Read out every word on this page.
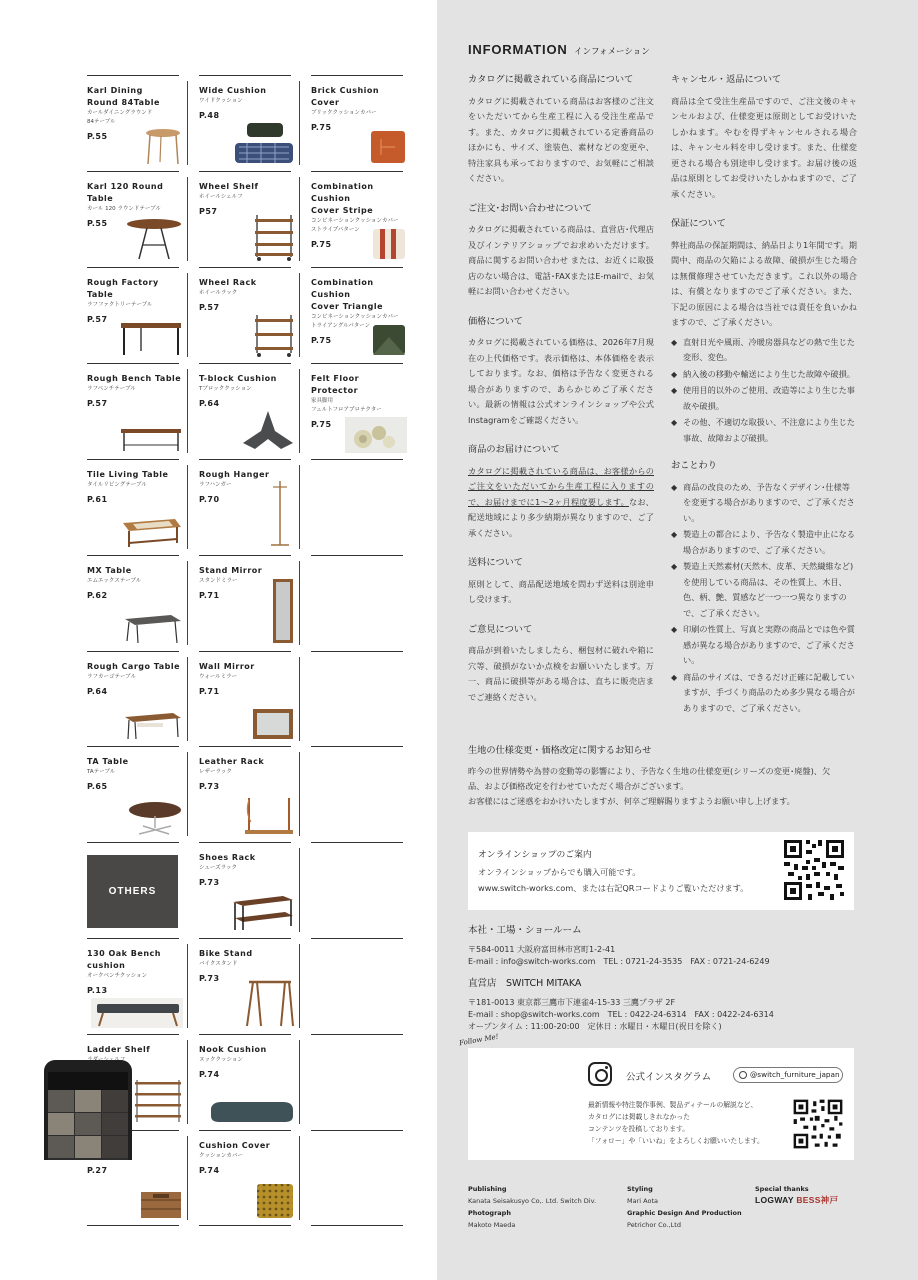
Karl Dining
Round 84Table
カールダイニングラウンド
84テーブル
P.55
Wide Cushion
ワイドクッション
P.48
Brick Cushion Cover
ブリッククッションカバー
P.75
Karl 120 Round Table
カール 120 ラウンドテーブル
P.55
Wheel Shelf
ホイールシェルフ
P57
Combination Cushion
Cover Stripe
コンビネーションクッションカバー
ストライプパターン
P.75
Rough Factory Table
ラフファクトリーテーブル
P.57
Wheel Rack
ホイールラック
P.57
Combination Cushion
Cover Triangle
コンビネーションクッションカバー
トライアングルパターン
P.75
Rough Bench Table
ラフベンチテーブル
P.57
T-block Cushion
Tブロッククッション
P.64
Felt Floor Protector
家具脚用
フェルトフロアプロテクター
P.75
Tile Living Table
タイルリビングテーブル
P.61
Rough Hanger
ラフハンガー
P.70
MX Table
エムエックステーブル
P.62
Stand Mirror
スタンドミラー
P.71
Rough Cargo Table
ラフカーゴテーブル
P.64
Wall Mirror
ウォールミラー
P.71
TA Table
TAテーブル
P.65
Leather Rack
レザーラック
P.73
OTHERS
Shoes Rack
シューズラック
P.73
130 Oak Bench cushion
オークベンチクッション
P.13
Bike Stand
バイクスタンド
P.73
Ladder Shelf	Nook Cushion
ヌッククッション
P.74
P.27
Cushion Cover
クッションカバー
P.74
INFORMATION インフォメーション
カタログに掲載されている商品について

カタログに掲載されている商品はお客様のご注文をいただいてから生産工程に入る受注生産品です。また、カタログに掲載されている定番商品のほかにも、サイズ、塗装色、素材などの変更や、特注家具も承っておりますので、お気軽にご相談ください。

ご注文･お問い合わせについて

カタログに掲載されている商品は、直営店･代理店及びインテリアショップでお求めいただけます。商品に関するお問い合わせ または、お近くに取扱店のない場合は、電話･FAXまたはE-mailで、お気軽にお問い合わせください。

価格について

カタログに掲載されている価格は、2026年7月現在の上代価格です。表示価格は、本体価格を表示しております。なお、価格は予告なく変更される場合がありますので、あらかじめご了承ください。最新の情報は公式オンラインショップや公式Instagramをご確認ください。

商品のお届けについて

カタログに掲載されている商品は、お客様からのご注文をいただいてから生産工程に入りますので、お届けまでに1～2ヶ月程度要します。なお、配送地域により多少納期が異なりますので、ご了承ください。

送料について

原則として、商品配送地域を問わず送料は別途申し受けます。

ご意見について

商品が到着いたしましたら、梱包材に破れや箱に穴等、破損がないか点検をお願いいたします。万一、商品に破損等がある場合は、直ちに販売店までご連絡ください。

キャンセル・返品について

商品は全て受注生産品ですので、ご注文後のキャンセルおよび、仕様変更は原則としてお受けいたしかねます。やむを得ずキャンセルされる場合は、キャンセル料を申し受けます。また、仕様変更される場合も別途申し受けます。お届け後の返品は原則としてお受けいたしかねますので、ご了承ください。

保証について

弊社商品の保証期間は、納品日より1年間です。期間中、商品の欠陥による故障、破損が生じた場合は無償修理させていただきます。これ以外の場合は、有償となりますのでご了承ください。また、下記の原因による場合は当社では責任を負いかねますので、ご了承ください。

◆ 直射日光や風雨、冷暖房器具などの熱で生じた変形、変色。
◆ 納入後の移動や輸送により生じた故障や破損。
◆ 使用目的以外のご使用、改造等により生じた事故や破損。
◆ その他、不適切な取扱い、不注意により生じた事故、故障および破損。
おことわり
◆ 商品の改良のため、予告なくデザイン･仕様等を変更する場合がありますので、ご了承ください。
◆ 製造上の都合により、予告なく製造中止になる場合がありますので、ご了承ください。
◆ 製造上天然素材(天然木、皮革、天然繊維など)を使用している商品は、その性質上、木目、色、柄、艶、質感など一つ一つ異なりますので、ご了承ください。
◆ 印刷の性質上、写真と実際の商品とでは色や質感が異なる場合がありますので、ご了承ください。
◆ 商品のサイズは、できるだけ正確に記載していますが、手づくり商品のため多少異なる場合がありますので、ご了承ください。
生地の仕様変更・価格改定に関するお知らせ
昨今の世界情勢や為替の変動等の影響により、予告なく生地の仕様変更(シリーズの変更･廃盤)、欠
品、および価格改定を行わせていただく場合がございます。
お客様にはご迷惑をおかけいたしますが、何卒ご理解賜りますようお願い申し上げます。
オンラインショップのご案内
オンラインショップからでも購入可能です。
www.switch-works.com、または右記QRコードよりご覧いただけます。
本社・工場・ショールーム
〒584-0011 大阪府富田林市宮町1-2-41
E-mail : info@switch-works.com　TEL : 0721-24-3535　FAX : 0721-24-6249
直営店　SWITCH MITAKA
〒181-0013 東京都三鷹市下連雀4-15-33 三鷹プラザ 2F
E-mail : shop@switch-works.com　TEL : 0422-24-6314　FAX : 0422-24-6314
オープンタイム : 11:00-20:00　定休日 : 水曜日・木曜日(祝日を除く)
Follow Me!
公式インスタグラム	@switch_furniture_japan
最新情報や特注製作事例、製品ディテールの解説など、
カタログには掲載しきれなかった
コンテンツを投稿しております。
「フォロー」や「いいね」をよろしくお願いいたします。
Publishing
Kanata Seisakusyo Co,. Ltd. Switch Div.
Photograph
Makoto Maeda
Styling
Mari Aota
Graphic Design And Production
Petrichor Co.,Ltd
Special thanks
LOGWAY BESS神戸
